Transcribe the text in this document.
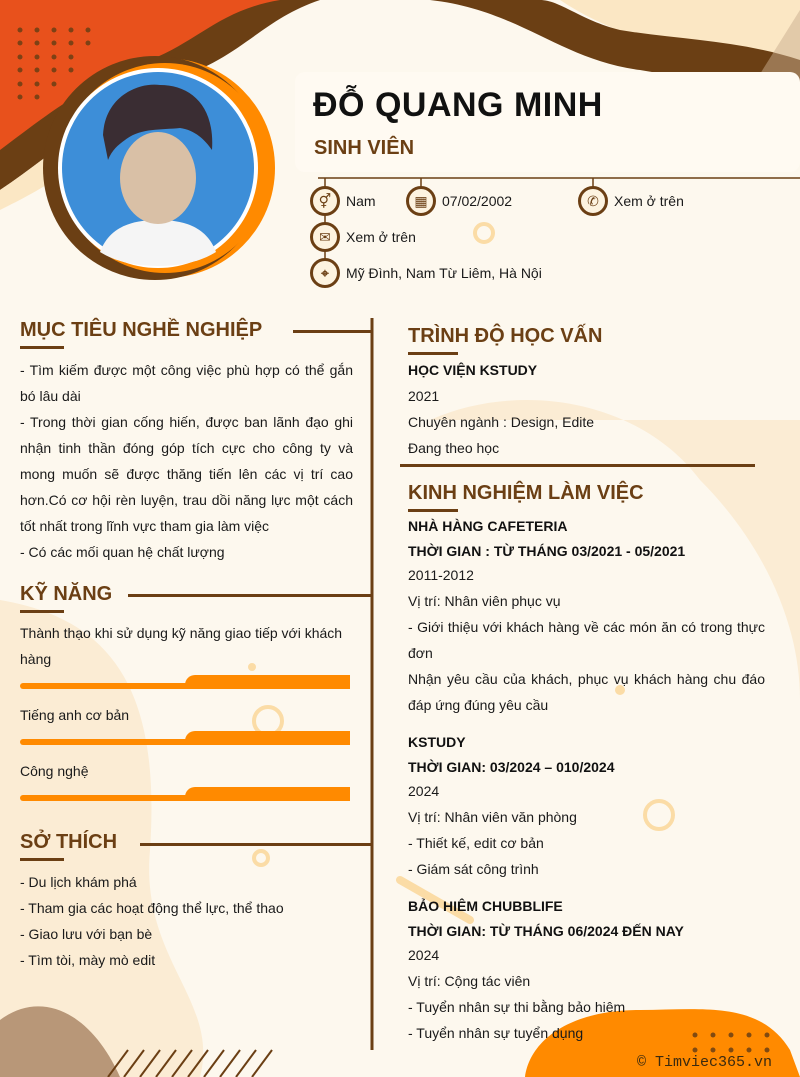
ĐỖ QUANG MINH
SINH VIÊN
⚥	Nam	▦	07/02/2002	✆	Xem ở trên
✉	Xem ở trên
⌖	Mỹ Đình, Nam Từ Liêm, Hà Nội
MỤC TIÊU NGHỀ NGHIỆP
- Tìm kiếm được một công việc phù hợp có thể gắn bó lâu dài
- Trong thời gian cống hiến, được ban lãnh đạo ghi nhận tinh thần đóng góp tích cực cho công ty và mong muốn sẽ được thăng tiến lên các vị trí cao hơn.Có cơ hội rèn luyện, trau dồi năng lực một cách tốt nhất trong lĩnh vực tham gia làm việc
- Có các mối quan hệ chất lượng
KỸ NĂNG
Thành thạo khi sử dụng kỹ năng giao tiếp với khách hàng
Tiếng anh cơ bản
Công nghệ
SỞ THÍCH
- Du lịch khám phá
- Tham gia các hoạt động thể lực, thể thao
- Giao lưu với bạn bè
- Tìm tòi, mày mò edit
TRÌNH ĐỘ HỌC VẤN
HỌC VIỆN KSTUDY
2021
Chuyên ngành : Design, Edite
Đang theo học
KINH NGHIỆM LÀM VIỆC
NHÀ HÀNG CAFETERIA
THỜI GIAN : TỪ THÁNG 03/2021 - 05/2021
2011-2012
Vị trí: Nhân viên phục vụ
- Giới thiệu với khách hàng về các món ăn có trong thực đơn
Nhận yêu cầu của khách, phục vụ khách hàng chu đáo đáp ứng đúng yêu cầu
KSTUDY
THỜI GIAN: 03/2024 – 010/2024
2024
Vị trí: Nhân viên văn phòng
- Thiết kế, edit cơ bản
- Giám sát công trình
BẢO HIÊM CHUBBLIFE
THỜI GIAN: TỪ THÁNG 06/2024 ĐẾN NAY
2024
Vị trí: Cộng tác viên
- Tuyển nhân sự thi bằng bảo hiêm
- Tuyển nhân sự tuyển dụng
© Timviec365.vn
